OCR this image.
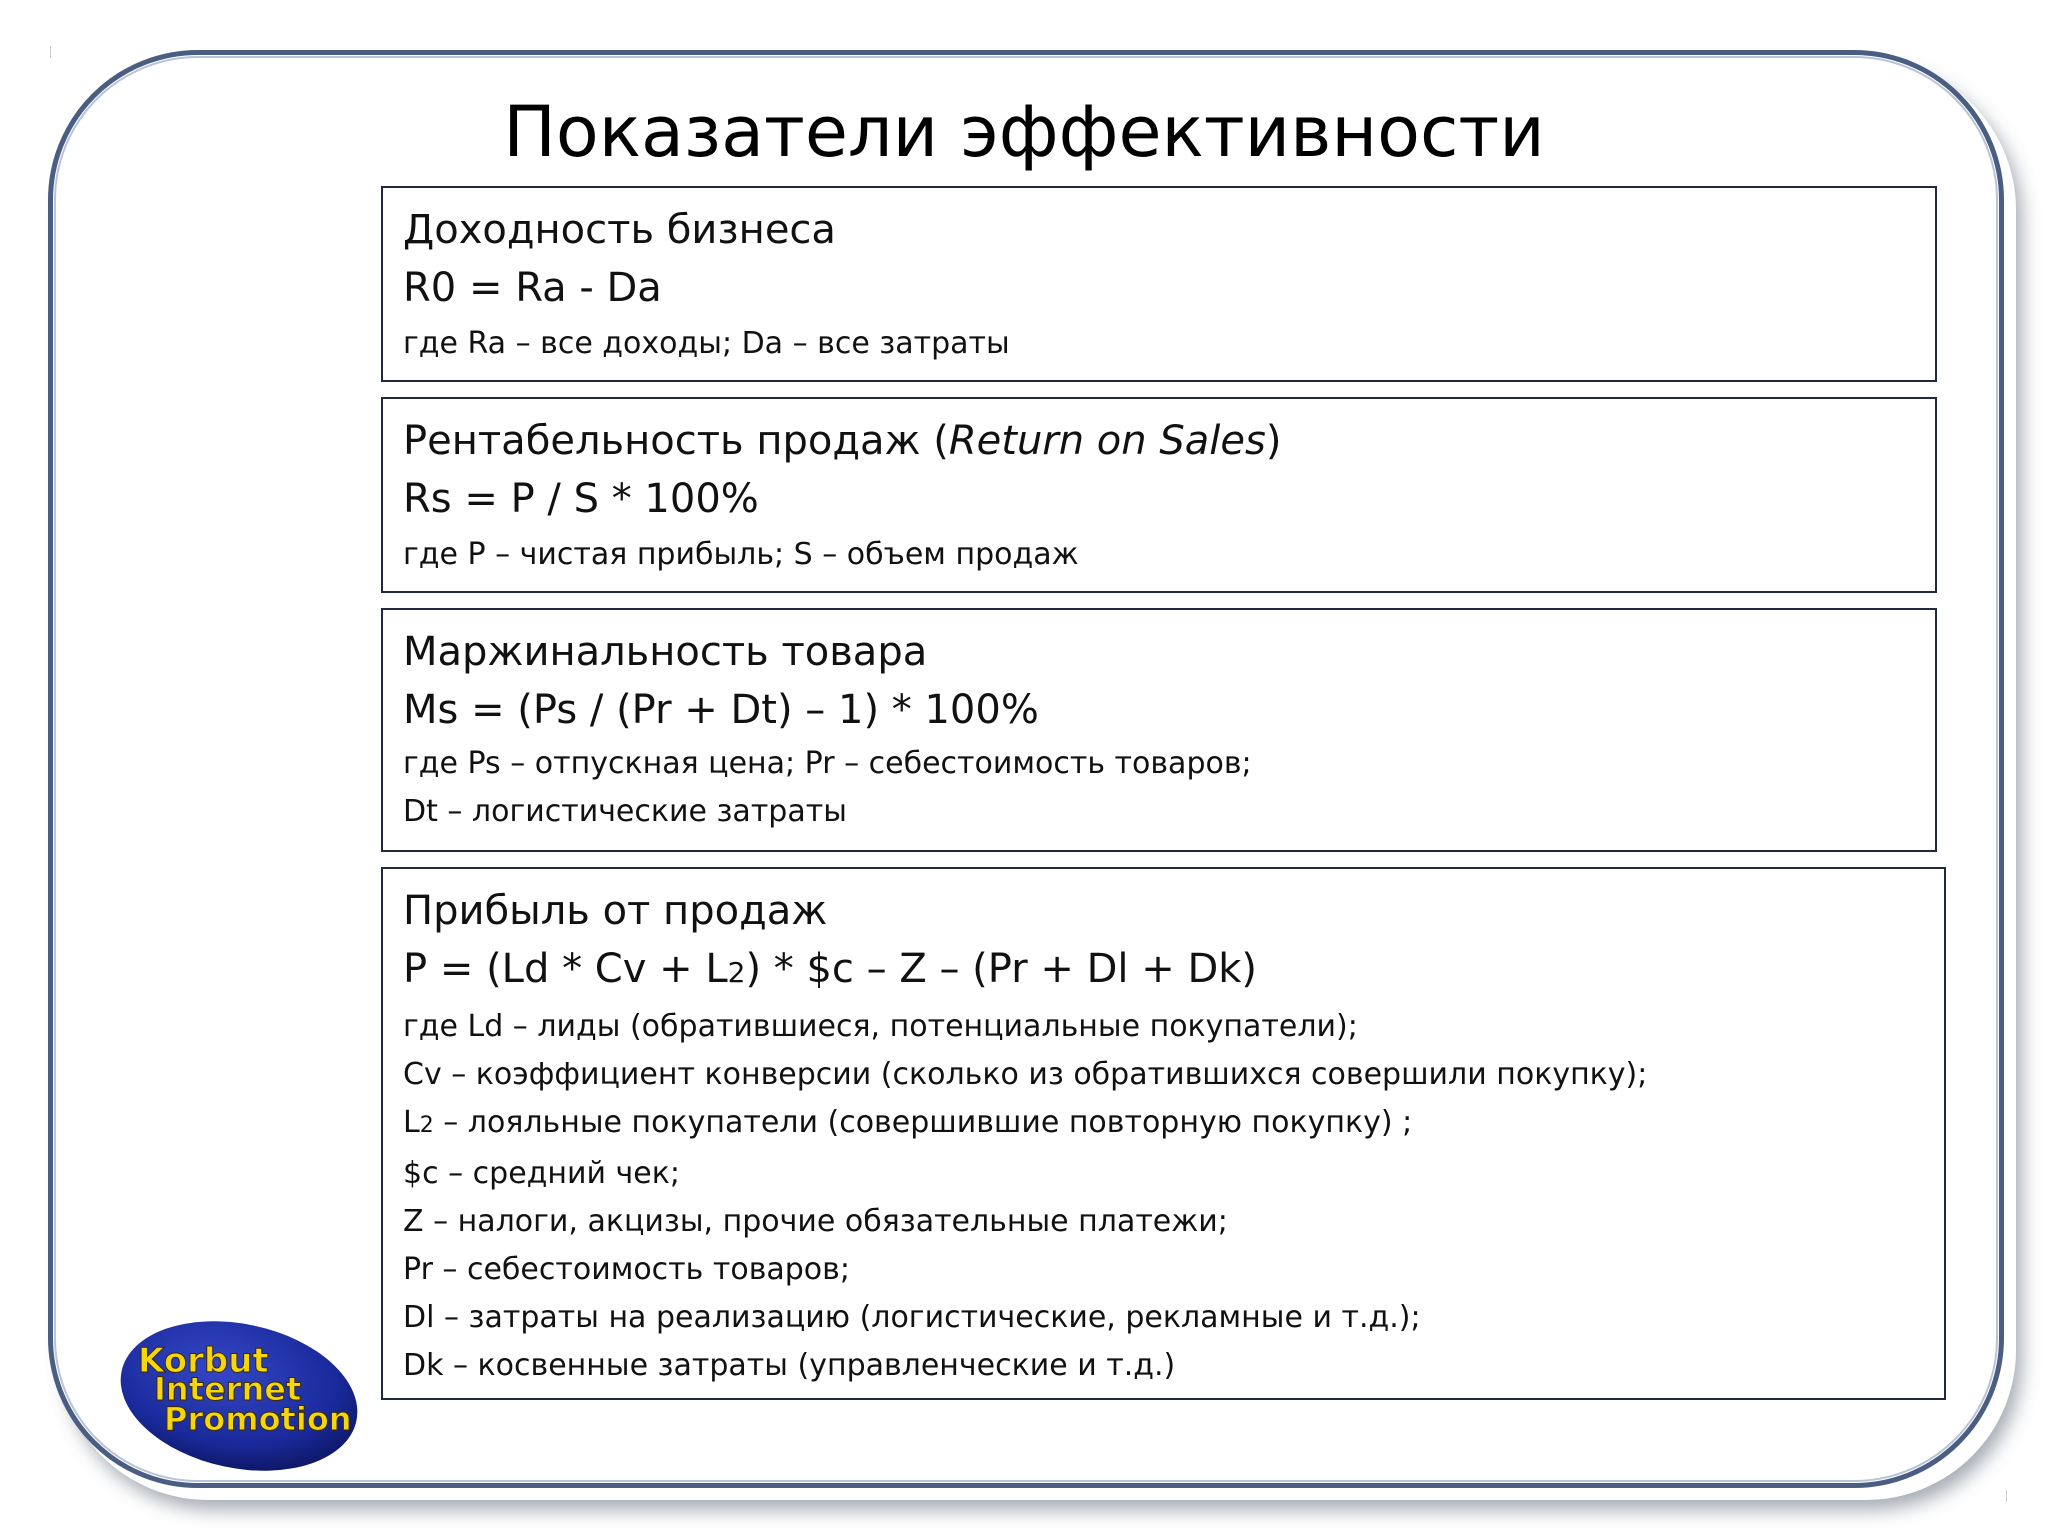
Показатели эффективности
Доходность бизнеса
R0 = Ra - Da
где Ra – все доходы; Da – все затраты
Рентабельность продаж (Return on Sales)
Rs = P / S * 100%
где P – чистая прибыль; S – объем продаж
Маржинальность товара
Ms = (Ps / (Pr + Dt) – 1) * 100%
где Ps – отпускная цена; Pr – себестоимость товаров;
Dt – логистические затраты
Прибыль от продаж
P = (Ld * Cv + L2) * $c – Z – (Pr + Dl + Dk)
где Ld – лиды (обратившиеся, потенциальные покупатели);
Cv – коэффициент конверсии (сколько из обратившихся совершили покупку);
L2 – лояльные покупатели (совершившие повторную покупку) ;
$c – средний чек;
Z – налоги, акцизы, прочие обязательные платежи;
Pr – себестоимость товаров;
Dl – затраты на реализацию (логистические, рекламные и т.д.);
Dk – косвенные затраты (управленческие и т.д.)
Korbut
Internet
Promotion
